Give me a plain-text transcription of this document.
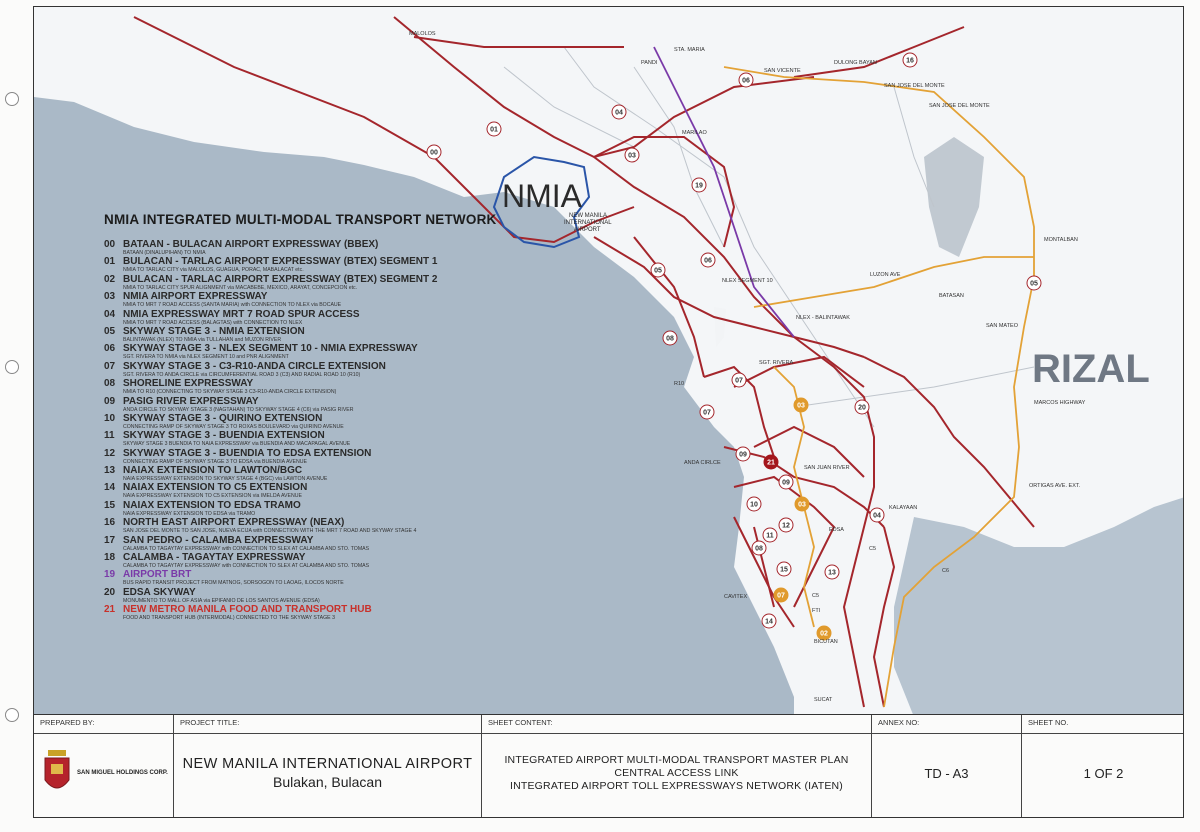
00
01
04
03
19
06
05
08
07
07
09
09
10
11
12
08
15	13
14
04
20
06
16
05
03
03
07
02
21
NMIA
NEW MANILA
INTERNATIONAL
AIRPORT
RIZAL
MALOLOS
PANDI
STA. MARIA
SAN VICENTE
DULONG BAYAN
SAN JOSE DEL MONTE
SAN JOSE DEL MONTE
MARILAO
MONTALBAN
LUZON AVE
BATASAN
SAN MATEO
NLEX SEGMENT 10
NLEX - BALINTAWAK
SGT. RIVERA
R10
MARCOS HIGHWAY
ANDA CIRLCE
SAN JUAN RIVER
KALAYAAN
EDSA
C5
C5
C6
ORTIGAS AVE. EXT.
CAVITEX
FTI
BICUTAN
SUCAT
NMIA INTEGRATED MULTI-MODAL TRANSPORT NETWORK
00 BATAAN - BULACAN AIRPORT EXPRESSWAY (BBEX)
BATAAN (DINALUPIHAN) TO NMIA
01 BULACAN - TARLAC AIRPORT EXPRESSWAY (BTEX) SEGMENT 1
NMIA TO TARLAC CITY via MALOLOS, GUAGUA, PORAC, MABALACAT etc.
02 BULACAN - TARLAC AIRPORT EXPRESSWAY (BTEX) SEGMENT 2
NMIA TO TARLAC CITY SPUR ALIGNMENT via MACABEBE, MEXICO, ARAYAT, CONCEPCION etc.
03 NMIA AIRPORT EXPRESSWAY
NMIA TO MRT 7 ROAD ACCESS (SANTA MARIA) with CONNECTION TO NLEX via BOCAUE
04 NMIA EXPRESSWAY MRT 7 ROAD SPUR ACCESS
NMIA TO MRT 7 ROAD ACCESS (BALAGTAS) with CONNECTION TO NLEX
05 SKYWAY STAGE 3 - NMIA EXTENSION
BALINTAWAK (NLEX) TO NMIA via TULLAHAN and MUZON RIVER
06 SKYWAY STAGE 3 - NLEX SEGMENT 10 - NMIA EXPRESSWAY
SGT. RIVERA TO NMIA via NLEX SEGMENT 10 and PNR ALIGNMENT
07 SKYWAY STAGE 3 - C3-R10-ANDA CIRCLE EXTENSION
SGT. RIVERA TO ANDA CIRCLE via CIRCUMFERENTIAL ROAD 3 (C3) AND RADIAL ROAD 10 (R10)
08 SHORELINE EXPRESSWAY
NMIA TO R10 (CONNECTING TO SKYWAY STAGE 3 C3-R10-ANDA CIRCLE EXTENSION)
09 PASIG RIVER EXPRESSWAY
ANDA CIRCLE TO SKYWAY STAGE 3 (NAGTAHAN) TO SKYWAY STAGE 4 (C6) via PASIG RIVER
10 SKYWAY STAGE 3 - QUIRINO EXTENSION
CONNECTING RAMP OF SKYWAY STAGE 3 TO ROXAS BOULEVARD via QUIRINO AVENUE
11 SKYWAY STAGE 3 - BUENDIA EXTENSION
SKYWAY STAGE 3 BUENDIA TO NAIA EXPRESSWAY via BUENDIA AND MACAPAGAL AVENUE
12 SKYWAY STAGE 3 - BUENDIA TO EDSA EXTENSION
CONNECTING RAMP OF SKYWAY STAGE 3 TO EDSA via BUENDIA AVENUE
13 NAIAX EXTENSION TO LAWTON/BGC
NAIA EXPRESSWAY EXTENSION TO SKYWAY STAGE 4 (BGC) via LAWTON AVENUE
14 NAIAX EXTENSION TO C5 EXTENSION
NAIA EXPRESSWAY EXTENSION TO C5 EXTENSION via IMELDA AVENUE
15 NAIAX EXTENSION TO EDSA TRAMO
NAIA EXPRESSWAY EXTENSION TO EDSA via TRAMO
16 NORTH EAST AIRPORT EXPRESSWAY (NEAX)
SAN JOSE DEL MONTE TO SAN JOSE, NUEVA ECIJA with CONNECTION WITH THE MRT 7 ROAD AND SKYWAY STAGE 4
17 SAN PEDRO - CALAMBA EXPRESSWAY
CALAMBA TO TAGAYTAY EXPRESSWAY with CONNECTION TO SLEX AT CALAMBA AND STO. TOMAS
18 CALAMBA - TAGAYTAY EXPRESSWAY
CALAMBA TO TAGAYTAY EXPRESSWAY with CONNECTION TO SLEX AT CALAMBA AND STO. TOMAS
19 AIRPORT BRT
BUS RAPID TRANSIT PROJECT FROM MATNOG, SORSOGON TO LAOAG, ILOCOS NORTE
20 EDSA SKYWAY
MONUMENTO TO MALL OF ASIA via EPIFANIO DE LOS SANTOS AVENUE (EDSA)
21 NEW METRO MANILA FOOD AND TRANSPORT HUB
FOOD AND TRANSPORT HUB (INTERMODAL) CONNECTED TO THE SKYWAY STAGE 3
PREPARED BY:
SAN MIGUEL HOLDINGS CORP.
PROJECT TITLE:
NEW MANILA INTERNATIONAL AIRPORT
Bulakan, Bulacan
SHEET CONTENT:
INTEGRATED AIRPORT MULTI-MODAL TRANSPORT MASTER PLAN
CENTRAL ACCESS LINK
INTEGRATED AIRPORT TOLL EXPRESSWAYS NETWORK (IATEN)
ANNEX NO:
TD - A3
SHEET NO.
1 OF 2
